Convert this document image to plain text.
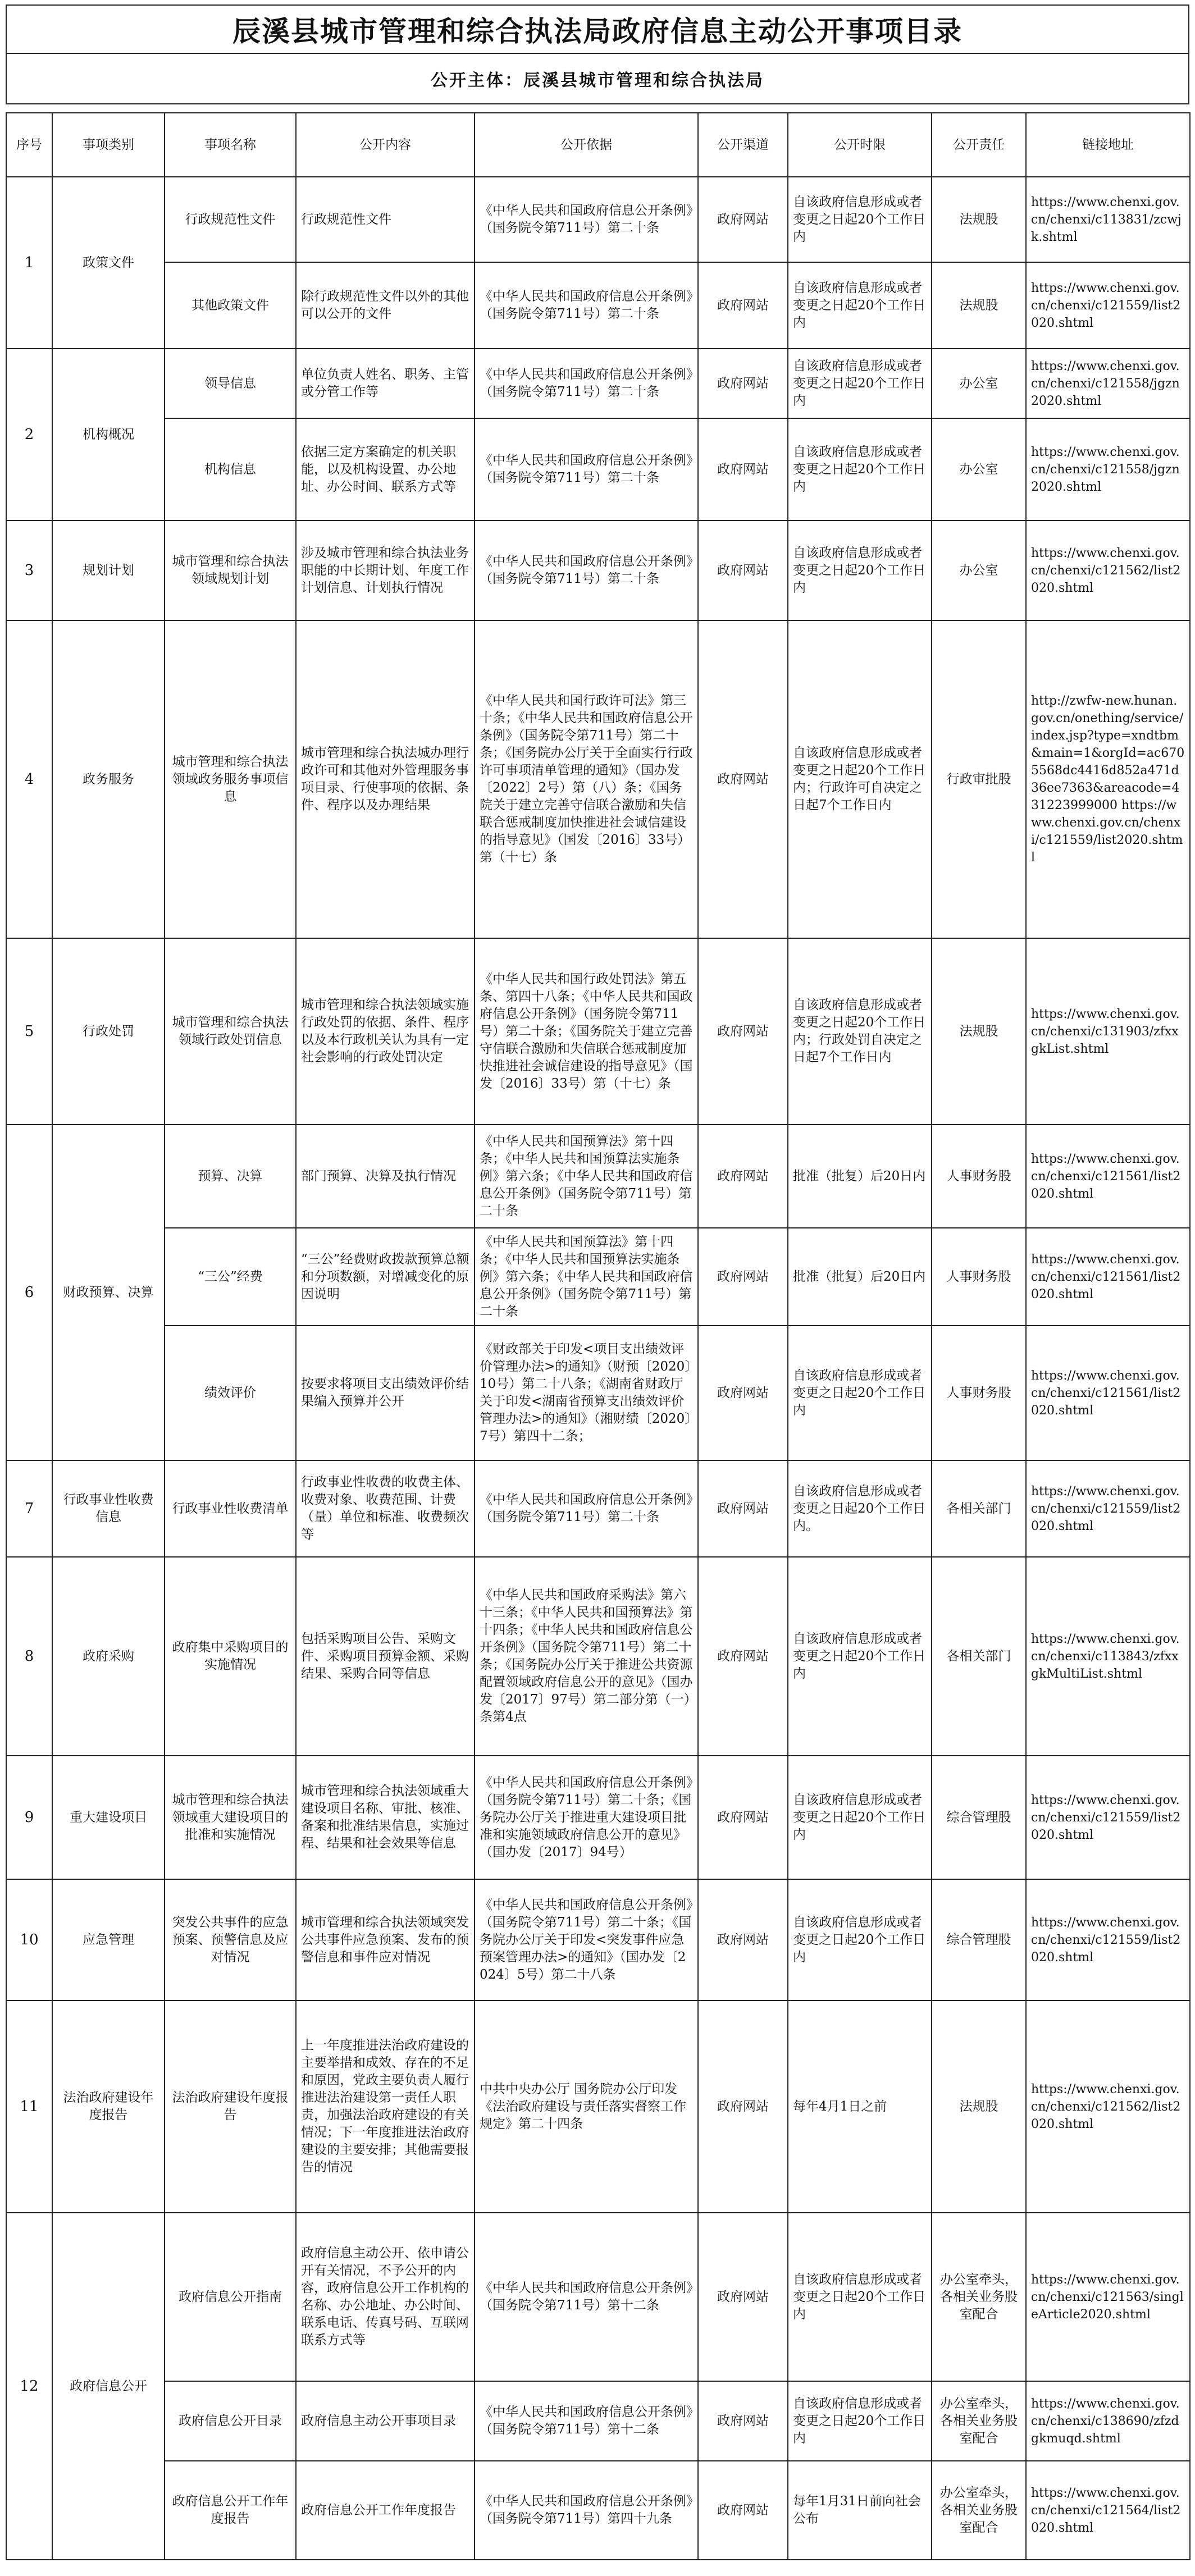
辰溪县城市管理和综合执法局政府信息主动公开事项目录
公开主体：辰溪县城市管理和综合执法局
序号	事项类别	事项名称	公开内容	公开依据	公开渠道	公开时限	公开责任	链接地址
1	政策文件	行政规范性文件	行政规范性文件	《中华人民共和国政府信息公开条例》（国务院令第711号）第二十条	政府网站	自该政府信息形成或者变更之日起20个工作日内	法规股	https://www.chenxi.gov.cn/chenxi/c113831/zcwjk.shtml
		其他政策文件	除行政规范性文件以外的其他可以公开的文件	《中华人民共和国政府信息公开条例》（国务院令第711号）第二十条	政府网站	自该政府信息形成或者变更之日起20个工作日内	法规股	https://www.chenxi.gov.cn/chenxi/c121559/list2020.shtml
2	机构概况	领导信息	单位负责人姓名、职务、主管或分管工作等	《中华人民共和国政府信息公开条例》（国务院令第711号）第二十条	政府网站	自该政府信息形成或者变更之日起20个工作日内	办公室	https://www.chenxi.gov.cn/chenxi/c121558/jgzn2020.shtml
		机构信息	依据三定方案确定的机关职能，以及机构设置、办公地址、办公时间、联系方式等	《中华人民共和国政府信息公开条例》（国务院令第711号）第二十条	政府网站	自该政府信息形成或者变更之日起20个工作日内	办公室	https://www.chenxi.gov.cn/chenxi/c121558/jgzn2020.shtml
3	规划计划	城市管理和综合执法领域规划计划	涉及城市管理和综合执法业务职能的中长期计划、年度工作计划信息、计划执行情况	《中华人民共和国政府信息公开条例》（国务院令第711号）第二十条	政府网站	自该政府信息形成或者变更之日起20个工作日内	办公室	https://www.chenxi.gov.cn/chenxi/c121562/list2020.shtml
4	政务服务	城市管理和综合执法领域政务服务事项信息	城市管理和综合执法城办理行政许可和其他对外管理服务事项目录、行使事项的依据、条件、程序以及办理结果	《中华人民共和国行政许可法》第三十条；《中华人民共和国政府信息公开条例》（国务院令第711号）第二十条；《国务院办公厅关于全面实行行政许可事项清单管理的通知》（国办发〔2022〕2号）第（八）条；《国务院关于建立完善守信联合激励和失信联合惩戒制度加快推进社会诚信建设的指导意见》（国发〔2016〕33号）第（十七）条	政府网站	自该政府信息形成或者变更之日起20个工作日内；行政许可自决定之日起7个工作日内	行政审批股	http://zwfw-new.hunan.gov.cn/onething/service/index.jsp?type=xndtbm&main=1&orgId=ac6705568dc4416d852a471d36ee7363&areacode=431223999000 https://www.chenxi.gov.cn/chenxi/c121559/list2020.shtml
5	行政处罚	城市管理和综合执法领域行政处罚信息	城市管理和综合执法领域实施行政处罚的依据、条件、程序以及本行政机关认为具有一定社会影响的行政处罚决定	《中华人民共和国行政处罚法》第五条、第四十八条；《中华人民共和国政府信息公开条例》（国务院令第711号）第二十条；《国务院关于建立完善守信联合激励和失信联合惩戒制度加快推进社会诚信建设的指导意见》（国发〔2016〕33号）第（十七）条	政府网站	自该政府信息形成或者变更之日起20个工作日内；行政处罚自决定之日起7个工作日内	法规股	https://www.chenxi.gov.cn/chenxi/c131903/zfxxgkList.shtml
6	财政预算、决算	预算、决算	部门预算、决算及执行情况	《中华人民共和国预算法》第十四条；《中华人民共和国预算法实施条例》第六条；《中华人民共和国政府信息公开条例》（国务院令第711号）第二十条	政府网站	批准（批复）后20日内	人事财务股	https://www.chenxi.gov.cn/chenxi/c121561/list2020.shtml
		“三公”经费	“三公”经费财政拨款预算总额和分项数额，对增减变化的原因说明	《中华人民共和国预算法》第十四条；《中华人民共和国预算法实施条例》第六条；《中华人民共和国政府信息公开条例》（国务院令第711号）第二十条	政府网站	批准（批复）后20日内	人事财务股	https://www.chenxi.gov.cn/chenxi/c121561/list2020.shtml
		绩效评价	按要求将项目支出绩效评价结果编入预算并公开	《财政部关于印发<项目支出绩效评价管理办法>的通知》（财预〔2020〕10号）第二十八条；《湖南省财政厅关于印发<湖南省预算支出绩效评价管理办法>的通知》（湘财绩〔2020〕7号）第四十二条；	政府网站	自该政府信息形成或者变更之日起20个工作日内	人事财务股	https://www.chenxi.gov.cn/chenxi/c121561/list2020.shtml
7	行政事业性收费信息	行政事业性收费清单	行政事业性收费的收费主体、收费对象、收费范围、计费（量）单位和标准、收费频次等	《中华人民共和国政府信息公开条例》（国务院令第711号）第二十条	政府网站	自该政府信息形成或者变更之日起20个工作日内。	各相关部门	https://www.chenxi.gov.cn/chenxi/c121559/list2020.shtml
8	政府采购	政府集中采购项目的实施情况	包括采购项目公告、采购文件、采购项目预算金额、采购结果、采购合同等信息	《中华人民共和国政府采购法》第六十三条；《中华人民共和国预算法》第十四条；《中华人民共和国政府信息公开条例》（国务院令第711号）第二十条；《国务院办公厅关于推进公共资源配置领域政府信息公开的意见》（国办发〔2017〕97号）第二部分第（一）条第4点	政府网站	自该政府信息形成或者变更之日起20个工作日内	各相关部门	https://www.chenxi.gov.cn/chenxi/c113843/zfxxgkMultiList.shtml
9	重大建设项目	城市管理和综合执法领域重大建设项目的批准和实施情况	城市管理和综合执法领域重大建设项目名称、审批、核准、备案和批准结果信息，实施过程、结果和社会效果等信息	《中华人民共和国政府信息公开条例》（国务院令第711号）第二十条；《国务院办公厅关于推进重大建设项目批准和实施领域政府信息公开的意见》（国办发〔2017〕94号）	政府网站	自该政府信息形成或者变更之日起20个工作日内	综合管理股	https://www.chenxi.gov.cn/chenxi/c121559/list2020.shtml
10	应急管理	突发公共事件的应急预案、预警信息及应对情况	城市管理和综合执法领域突发公共事件应急预案、发布的预警信息和事件应对情况	《中华人民共和国政府信息公开条例》（国务院令第711号）第二十条；《国务院办公厅关于印发<突发事件应急预案管理办法>的通知》（国办发〔2024〕5号）第二十八条	政府网站	自该政府信息形成或者变更之日起20个工作日内	综合管理股	https://www.chenxi.gov.cn/chenxi/c121559/list2020.shtml
11	法治政府建设年度报告	法治政府建设年度报告	上一年度推进法治政府建设的主要举措和成效、存在的不足和原因，党政主要负责人履行推进法治建设第一责任人职责，加强法治政府建设的有关情况；下一年度推进法治政府建设的主要安排；其他需要报告的情况	中共中央办公厅 国务院办公厅印发《法治政府建设与责任落实督察工作规定》第二十四条	政府网站	每年4月1日之前	法规股	https://www.chenxi.gov.cn/chenxi/c121562/list2020.shtml
12	政府信息公开	政府信息公开指南	政府信息主动公开、依申请公开有关情况，不予公开的内容，政府信息公开工作机构的名称、办公地址、办公时间、联系电话、传真号码、互联网联系方式等	《中华人民共和国政府信息公开条例》（国务院令第711号）第十二条	政府网站	自该政府信息形成或者变更之日起20个工作日内	办公室牵头，各相关业务股室配合	https://www.chenxi.gov.cn/chenxi/c121563/singleArticle2020.shtml
		政府信息公开目录	政府信息主动公开事项目录	《中华人民共和国政府信息公开条例》（国务院令第711号）第十二条	政府网站	自该政府信息形成或者变更之日起20个工作日内	办公室牵头，各相关业务股室配合	https://www.chenxi.gov.cn/chenxi/c138690/zfzdgkmuqd.shtml
		政府信息公开工作年度报告	政府信息公开工作年度报告	《中华人民共和国政府信息公开条例》（国务院令第711号）第四十九条	政府网站	每年1月31日前向社会公布	办公室牵头，各相关业务股室配合	https://www.chenxi.gov.cn/chenxi/c121564/list2020.shtml
